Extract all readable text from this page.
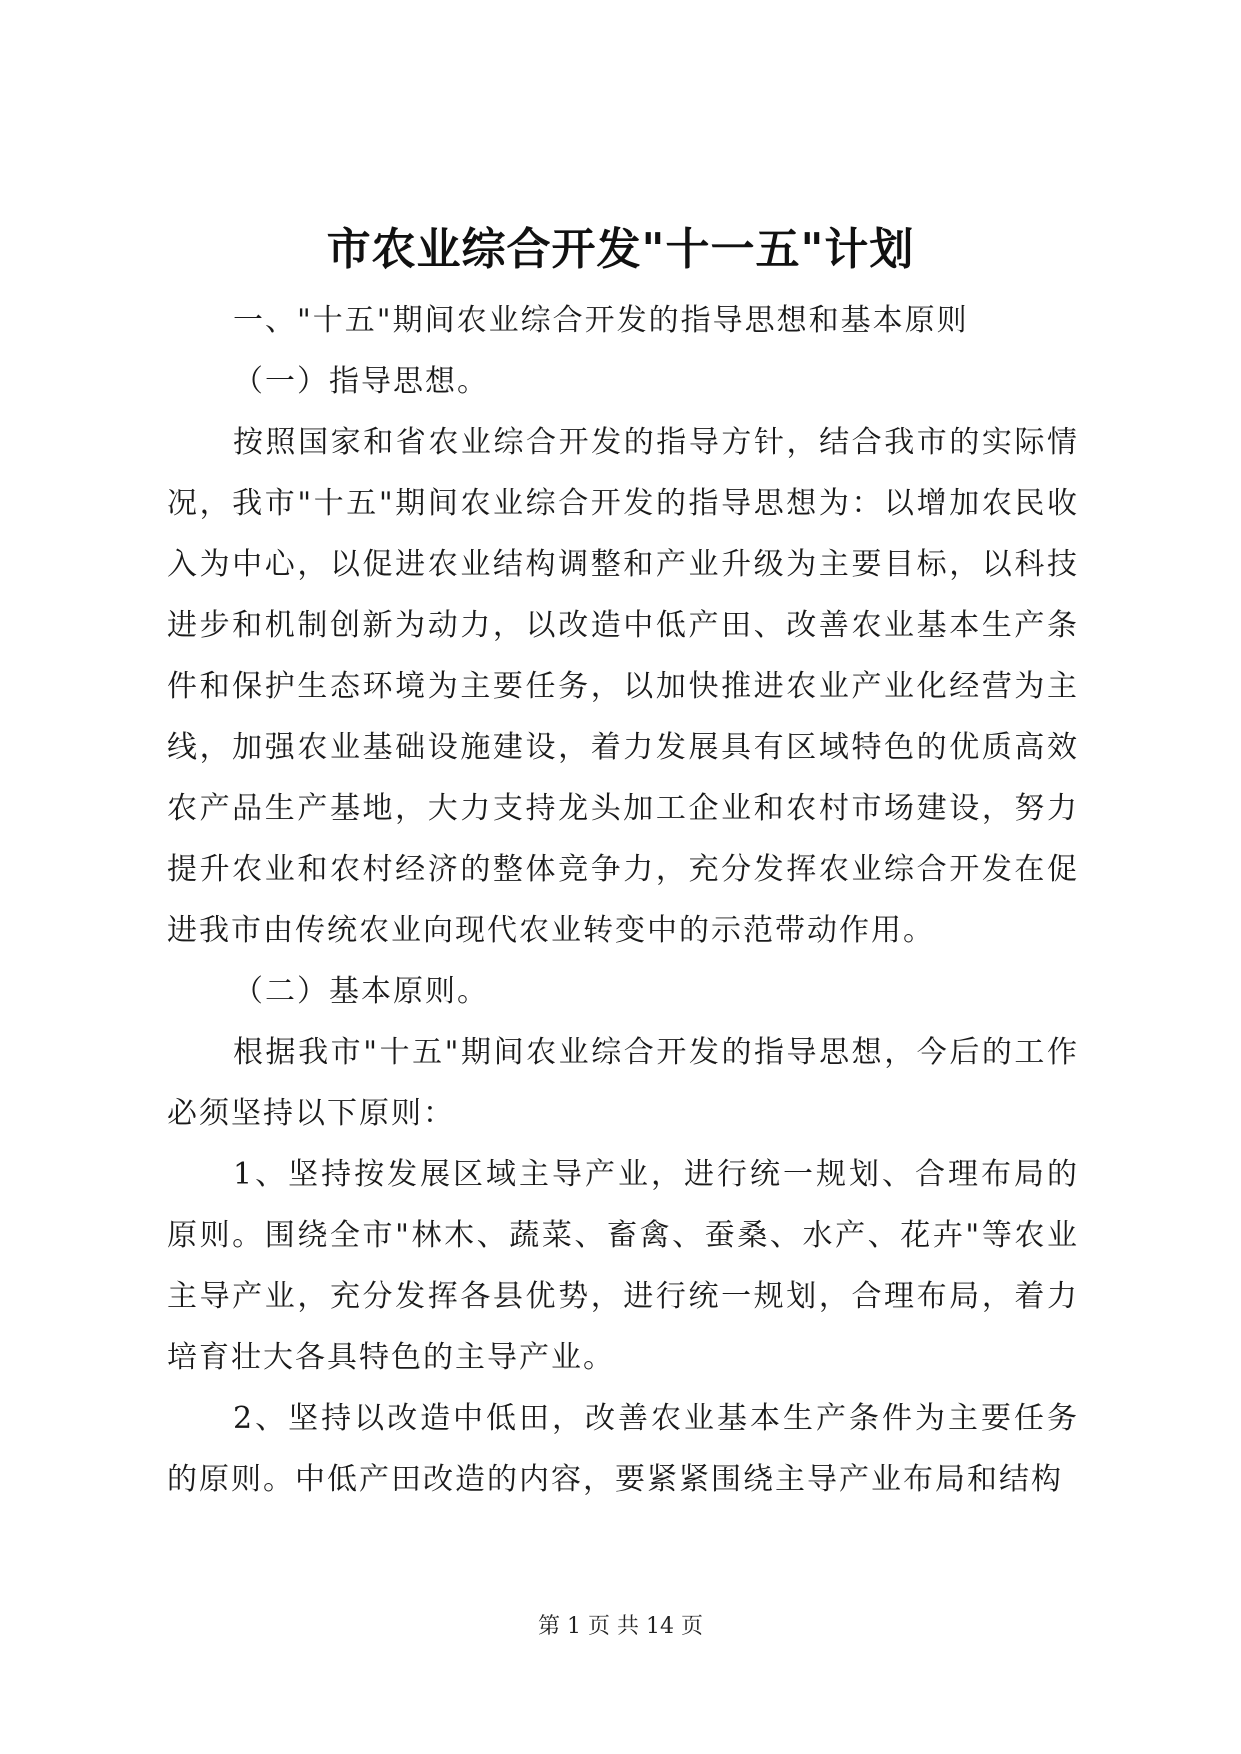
市农业综合开发"十一五"计划

一、"十五"期间农业综合开发的指导思想和基本原则

（一）指导思想。

按照国家和省农业综合开发的指导方针，结合我市的实际情况，我市"十五"期间农业综合开发的指导思想为：以增加农民收入为中心，以促进农业结构调整和产业升级为主要目标，以科技进步和机制创新为动力，以改造中低产田、改善农业基本生产条件和保护生态环境为主要任务，以加快推进农业产业化经营为主线，加强农业基础设施建设，着力发展具有区域特色的优质高效农产品生产基地，大力支持龙头加工企业和农村市场建设，努力提升农业和农村经济的整体竞争力，充分发挥农业综合开发在促进我市由传统农业向现代农业转变中的示范带动作用。

（二）基本原则。

根据我市"十五"期间农业综合开发的指导思想，今后的工作必须坚持以下原则：

1、坚持按发展区域主导产业，进行统一规划、合理布局的原则。围绕全市"林木、蔬菜、畜禽、蚕桑、水产、花卉"等农业主导产业，充分发挥各县优势，进行统一规划，合理布局，着力培育壮大各具特色的主导产业。

2、坚持以改造中低田，改善农业基本生产条件为主要任务的原则。中低产田改造的内容，要紧紧围绕主导产业布局和结构

第 1 页 共 14 页
